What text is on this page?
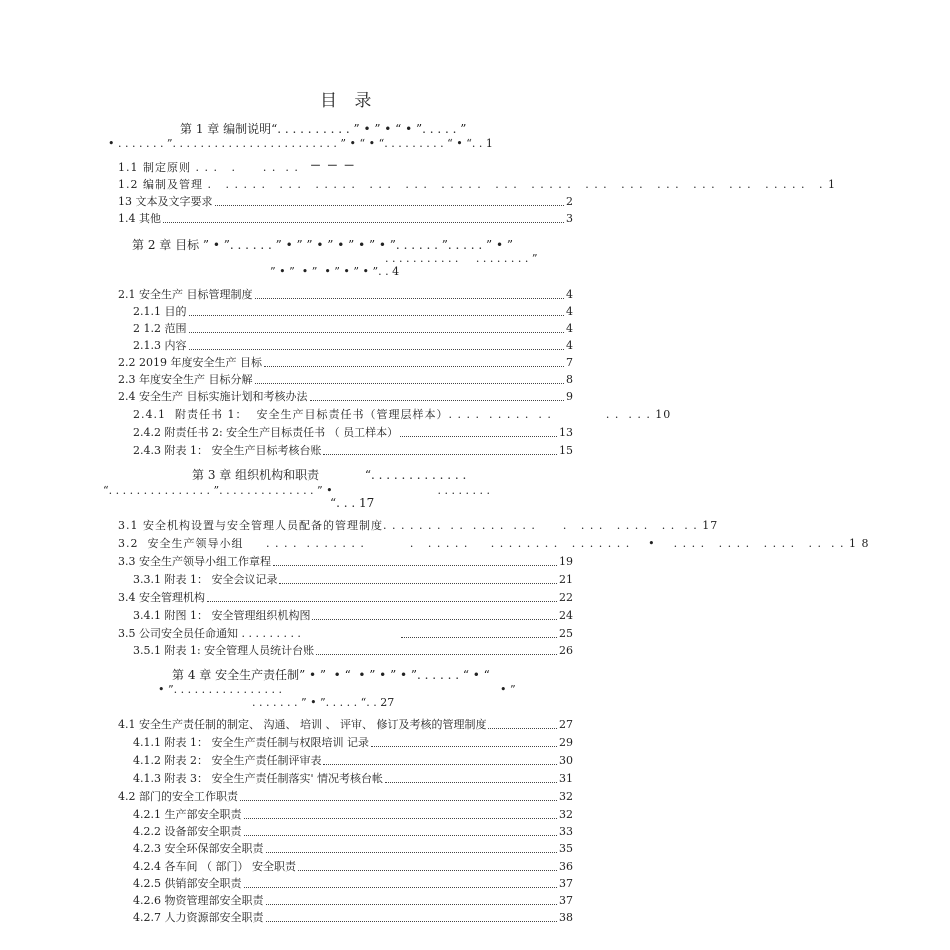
目 录
第 1 章 编制说明“. . . . . . . . . . ” • ” • “ • ”. . . . . ”
• . . . . . . . ”. . . . . . . . . . . . . . . . . . . . . . . . ” • “ • “. . . . . . . . . “ • “. . 1
1.1 制定原则 . . .   .      . .  . . － － －
1.2 编制及管理 .   . . . . .   . . .   . . . . .   . . .   . . .   . . . . .   . . .   . . . . .   . . .   . . .   . . .   . . .   . . .   . . . . .   . 1
13 文本及文字要求	2
1.4 其他	3
第 2 章 目标 ” • ”. . . . . . ” • ” ” • ” • ” • ” • ”. . . . . . ”. . . . . ” • ”
. . . . . . . . . . .     . . . . . . . . ”
” • ”  • ”  • ” • ” • ”. . 4
2.1 安全生产 目标管理制度	4
2.1.1 目的	4
2 1.2 范围	4
2.1.3 内容	4
2.2 2019 年度安全生产 目标	7
2.3 年度安全生产 目标分解	8
2.4 安全生产 目标实施计划和考核办法	9
2.4.1  附责任书 1：  安全生产目标责任书（管理层样本）. . . .  . . . . .  . .            . .  . . . 10
2.4.2 附责任书 2: 安全生产目标责任书 （ 员工样本）	13
2.4.3 附表 1： 安全生产目标考核台账	15
第 3 章 组织机构和职责            “. . . . . . . . . . . . .
“. . . . . . . . . . . . . . . ”. . . . . . . . . . . . . . ” •                              . . . . . . . .
“. . . 17
3.1 安全机构设置与安全管理人员配备的管理制度. . . . . . .  . .  . . . .  . . .      .   . . .   . . . .   . .  . . 17
3.2  安全生产领导小组     . . . .  . . . . . . .          .   . . . . .     . . . . . . . .   . . . . . . .    •    . . . .   . . . .   . . . .   . .  . . 1 8
3.3 安全生产领导小组工作章程	19
3.3.1 附表 1： 安全会议记录	21
3.4 安全管理机构	22
3.4.1 附图 1： 安全管理组织机构图	24
3.5 公司安全员任命通知 . . . . . . . . .	25
3.5.1 附表 1: 安全管理人员统计台账	26
第 4 章 安全生产责任制” • ”  • “  • ” • ” • ”. . . . . . “ • “
• ”. . . . . . . . . . . . . . . .	• ”
. . . . . . . ” • ”. . . . . “. . 27
4.1 安全生产责任制的制定、 沟通、 培训 、 评审、 修订及考核的管理制度	27
4.1.1 附表 1： 安全生产责任制与权限培训 记录	29
4.1.2 附表 2： 安全生产责任制评审表	30
4.1.3 附表 3： 安全生产责任制落实' 情况考核台帐	31
4.2 部门的安全工作职责	32
4.2.1 生产部安全职责	32
4.2.2 设备部安全职责	33
4.2.3 安全环保部安全职责	35
4.2.4 各车间 （ 部门） 安全职责	36
4.2.5 供销部安全职责	37
4.2.6 物资管理部安全职责	37
4.2.7 人力资源部安全职责	38
